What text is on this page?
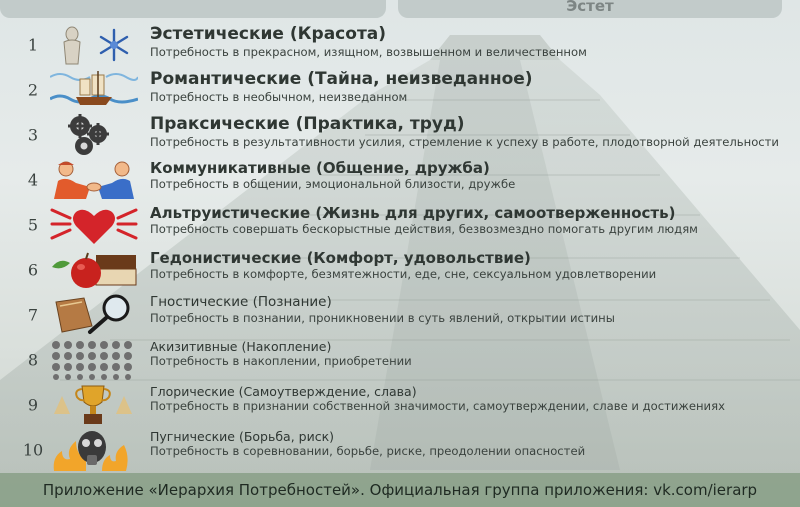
Эстет
1
Эстетические (Красота)
Потребность в прекрасном, изящном, возвышенном и величественном
2
Романтические (Тайна, неизведанное)
Потребность в необычном, неизведанном
3
Праксические (Практика, труд)
Потребность в результативности усилия, стремление к успеху в работе, плодотворной деятельности
4
Коммуникативные (Общение, дружба)
Потребность в общении, эмоциональной близости, дружбе
5
Альтруистические (Жизнь для других, самоотверженность)
Потребность совершать бескорыстные действия, безвозмездно помогать другим людям
6
Гедонистические (Комфорт, удовольствие)
Потребность в комфорте, безмятежности, еде, сне, сексуальном удовлетворении
7
Гностические (Познание)
Потребность в познании, проникновении в суть явлений, открытии истины
8
Акизитивные (Накопление)
Потребность в накоплении, приобретении
9
Глорические (Самоутверждение, слава)
Потребность в признании собственной значимости, самоутверждении, славе и достижениях
10
Пугнические (Борьба, риск)
Потребность в соревновании, борьбе, риске, преодолении опасностей
Приложение «Иерархия Потребностей». Официальная группа приложения: vk.com/ierarp
